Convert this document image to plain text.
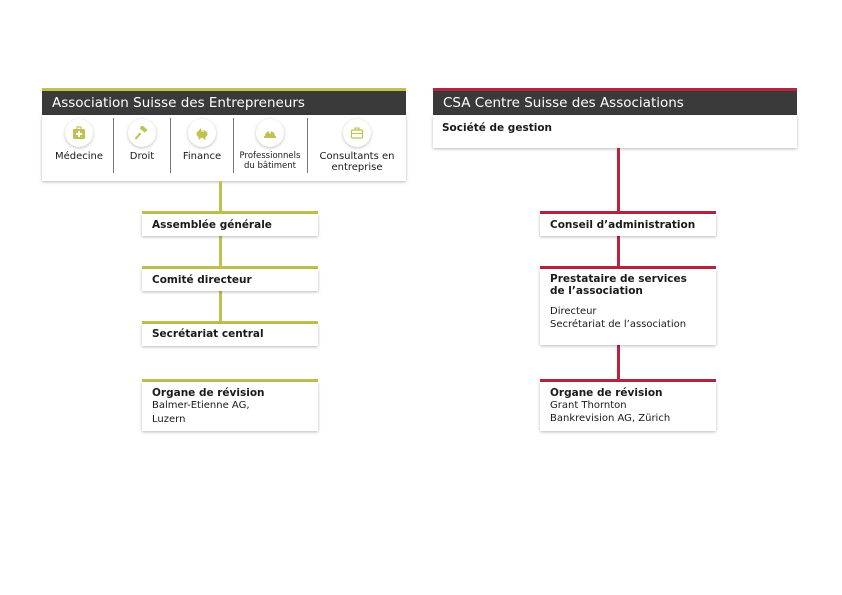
Association Suisse des Entrepreneurs
Médecine	Droit	Finance	Professionnels du bâtiment
Consultants en entreprise
Assemblée générale
Comité directeur
Secrétariat central
Organe de révision
Balmer-Etienne AG,
Luzern
CSA Centre Suisse des Associations
Société de gestion
Conseil d’administration
Prestataire de services de l’association
Directeur
Secrétariat de l’association
Organe de révision
Grant Thornton
Bankrevision AG, Zürich
